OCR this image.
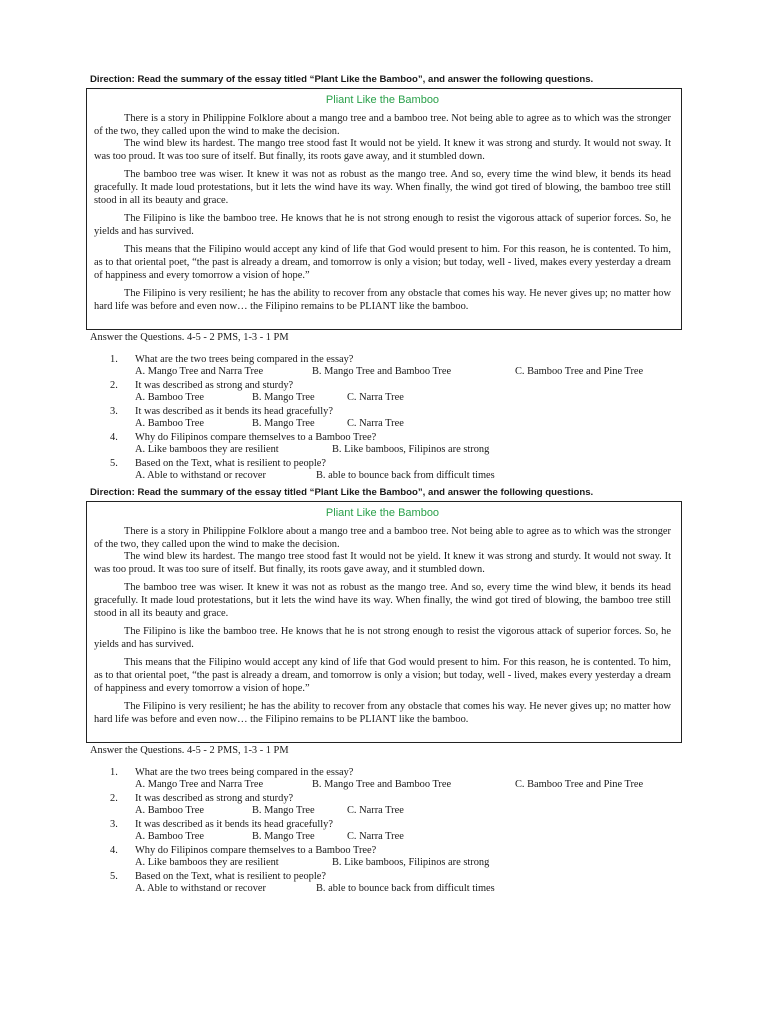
Direction: Read the summary of the essay titled “Plant Like the Bamboo”, and answer the following questions.
Pliant Like the Bamboo

There is a story in Philippine Folklore about a mango tree and a bamboo tree. Not being able to agree as to which was the stronger of the two, they called upon the wind to make the decision.

The wind blew its hardest. The mango tree stood fast It would not be yield. It knew it was strong and sturdy. It would not sway. It was too proud. It was too sure of itself. But finally, its roots gave away, and it stumbled down.

The bamboo tree was wiser. It knew it was not as robust as the mango tree. And so, every time the wind blew, it bends its head gracefully. It made loud protestations, but it lets the wind have its way. When finally, the wind got tired of blowing, the bamboo tree still stood in all its beauty and grace.

The Filipino is like the bamboo tree. He knows that he is not strong enough to resist the vigorous attack of superior forces. So, he yields and has survived.

This means that the Filipino would accept any kind of life that God would present to him. For this reason, he is contented. To him, as to that oriental poet, “the past is already a dream, and tomorrow is only a vision; but today, well - lived, makes every yesterday a dream of happiness and every tomorrow a vision of hope.”

The Filipino is very resilient; he has the ability to recover from any obstacle that comes his way. He never gives up; no matter how hard life was before and even now… the Filipino remains to be PLIANT like the bamboo.

Answer the Questions. 4-5 - 2 PMS, 1-3 - 1 PM
1. What are the two trees being compared in the essay?
A. Mango Tree and Narra Tree	B. Mango Tree and Bamboo Tree	C. Bamboo Tree and Pine Tree
2. It was described as strong and sturdy?
A. Bamboo Tree	B. Mango Tree	C. Narra Tree
3. It was described as it bends its head gracefully?
A. Bamboo Tree	B. Mango Tree	C. Narra Tree
4. Why do Filipinos compare themselves to a Bamboo Tree?
A. Like bamboos they are resilient	B. Like bamboos, Filipinos are strong
5. Based on the Text, what is resilient to people?
A. Able to withstand or recover	B. able to bounce back from difficult times
Direction: Read the summary of the essay titled “Plant Like the Bamboo”, and answer the following questions.
Pliant Like the Bamboo

There is a story in Philippine Folklore about a mango tree and a bamboo tree. Not being able to agree as to which was the stronger of the two, they called upon the wind to make the decision.

The wind blew its hardest. The mango tree stood fast It would not be yield. It knew it was strong and sturdy. It would not sway. It was too proud. It was too sure of itself. But finally, its roots gave away, and it stumbled down.

The bamboo tree was wiser. It knew it was not as robust as the mango tree. And so, every time the wind blew, it bends its head gracefully. It made loud protestations, but it lets the wind have its way. When finally, the wind got tired of blowing, the bamboo tree still stood in all its beauty and grace.

The Filipino is like the bamboo tree. He knows that he is not strong enough to resist the vigorous attack of superior forces. So, he yields and has survived.

This means that the Filipino would accept any kind of life that God would present to him. For this reason, he is contented. To him, as to that oriental poet, “the past is already a dream, and tomorrow is only a vision; but today, well - lived, makes every yesterday a dream of happiness and every tomorrow a vision of hope.”

The Filipino is very resilient; he has the ability to recover from any obstacle that comes his way. He never gives up; no matter how hard life was before and even now… the Filipino remains to be PLIANT like the bamboo.

Answer the Questions. 4-5 - 2 PMS, 1-3 - 1 PM
1. What are the two trees being compared in the essay?
A. Mango Tree and Narra Tree	B. Mango Tree and Bamboo Tree	C. Bamboo Tree and Pine Tree
2. It was described as strong and sturdy?
A. Bamboo Tree	B. Mango Tree	C. Narra Tree
3. It was described as it bends its head gracefully?
A. Bamboo Tree	B. Mango Tree	C. Narra Tree
4. Why do Filipinos compare themselves to a Bamboo Tree?
A. Like bamboos they are resilient	B. Like bamboos, Filipinos are strong
5. Based on the Text, what is resilient to people?
A. Able to withstand or recover	B. able to bounce back from difficult times
